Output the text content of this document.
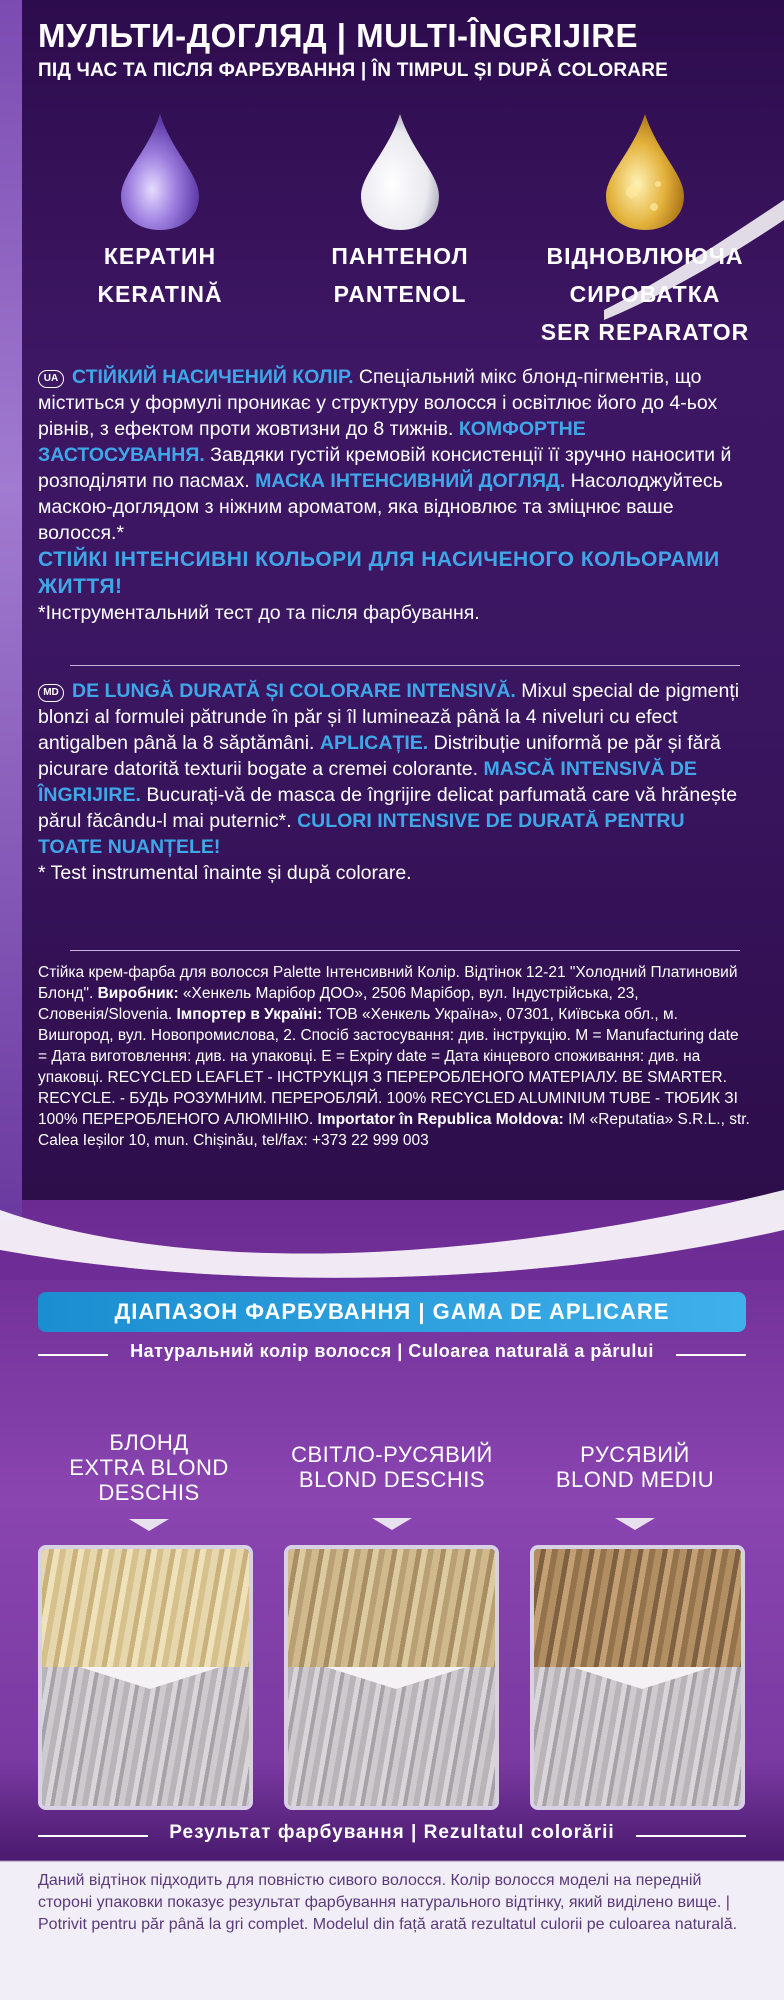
МУЛЬТИ-ДОГЛЯД | MULTI-ÎNGRIJIRE

ПІД ЧАС ТА ПІСЛЯ ФАРБУВАННЯ | ÎN TIMPUL ȘI DUPĂ COLORARE

КЕРАТИН
KERATINĂ
ПАНТЕНОЛ
PANTENOL
ВІДНОВЛЮЮЧА
СИРОВАТКА
SER REPARATOR

UA СТІЙКИЙ НАСИЧЕНИЙ КОЛІР. Спеціальний мікс блонд-пігментів, що міститься у формулі проникає у структуру волосся і освітлює його до 4-ьох рівнів, з ефектом проти жовтизни до 8 тижнів. КОМФОРТНЕ ЗАСТОСУВАННЯ. Завдяки густій кремовій консистенції її зручно наносити й розподіляти по пасмах. МАСКА ІНТЕНСИВНИЙ ДОГЛЯД. Насолоджуйтесь маскою-доглядом з ніжним ароматом, яка відновлює та зміцнює ваше волосся.*

СТІЙКІ ІНТЕНСИВНІ КОЛЬОРИ ДЛЯ НАСИЧЕНОГО КОЛЬОРАМИ ЖИТТЯ!

*Інструментальний тест до та після фарбування.

MD DE LUNGĂ DURATĂ ȘI COLORARE INTENSIVĂ. Mixul special de pigmenți blonzi al formulei pătrunde în păr și îl luminează până la 4 niveluri cu efect antigalben până la 8 săptămâni. APLICAȚIE. Distribuție uniformă pe păr și fără picurare datorită texturii bogate a cremei colorante. MASCĂ INTENSIVĂ DE ÎNGRIJIRE. Bucurați-vă de masca de îngrijire delicat parfumată care vă hrănește părul făcându-l mai puternic*. CULORI INTENSIVE DE DURATĂ PENTRU TOATE NUANȚELE!

* Test instrumental înainte și după colorare.

Стійка крем-фарба для волосся Palette Інтенсивний Колір. Відтінок 12-21 "Холодний Платиновий Блонд". Виробник: «Хенкель Марібор ДОО», 2506 Марібор, вул. Індустрійська, 23, Словенія/Slovenia. Імпортер в Україні: ТОВ «Хенкель Україна», 07301, Київська обл., м. Вишгород, вул. Новопромислова, 2. Спосіб застосування: див. інструкцію. M = Manufacturing date = Дата виготовлення: див. на упаковці. E = Expiry date = Дата кінцевого споживання: див. на упаковці. RECYCLED LEAFLET - ІНСТРУКЦІЯ З ПЕРЕРОБЛЕНОГО МАТЕРІАЛУ. BE SMARTER. RECYCLE. - БУДЬ РОЗУМНИМ. ПЕРЕРОБЛЯЙ. 100% RECYCLED ALUMINIUM TUBE - ТЮБИК ЗІ 100% ПЕРЕРОБЛЕНОГО АЛЮМІНІЮ. Importator în Republica Moldova: IM «Reputatia» S.R.L., str. Calea Ieșilor 10, mun. Chișinău, tel/fax: +373 22 999 003
ДІАПАЗОН ФАРБУВАННЯ | GAMA DE APLICARE
Натуральний колір волосся | Culoarea naturală a părului
БЛОНД
EXTRA BLOND
DESCHIS
СВІТЛО-РУСЯВИЙ
BLOND DESCHIS
РУСЯВИЙ
BLOND MEDIU
Результат фарбування | Rezultatul colorării
Даний відтінок підходить для повністю сивого волосся. Колір волосся моделі на передній стороні упаковки показує результат фарбування натурального відтінку, який виділено вище. | Potrivit pentru păr până la gri complet. Modelul din față arată rezultatul culorii pe culoarea naturală.
